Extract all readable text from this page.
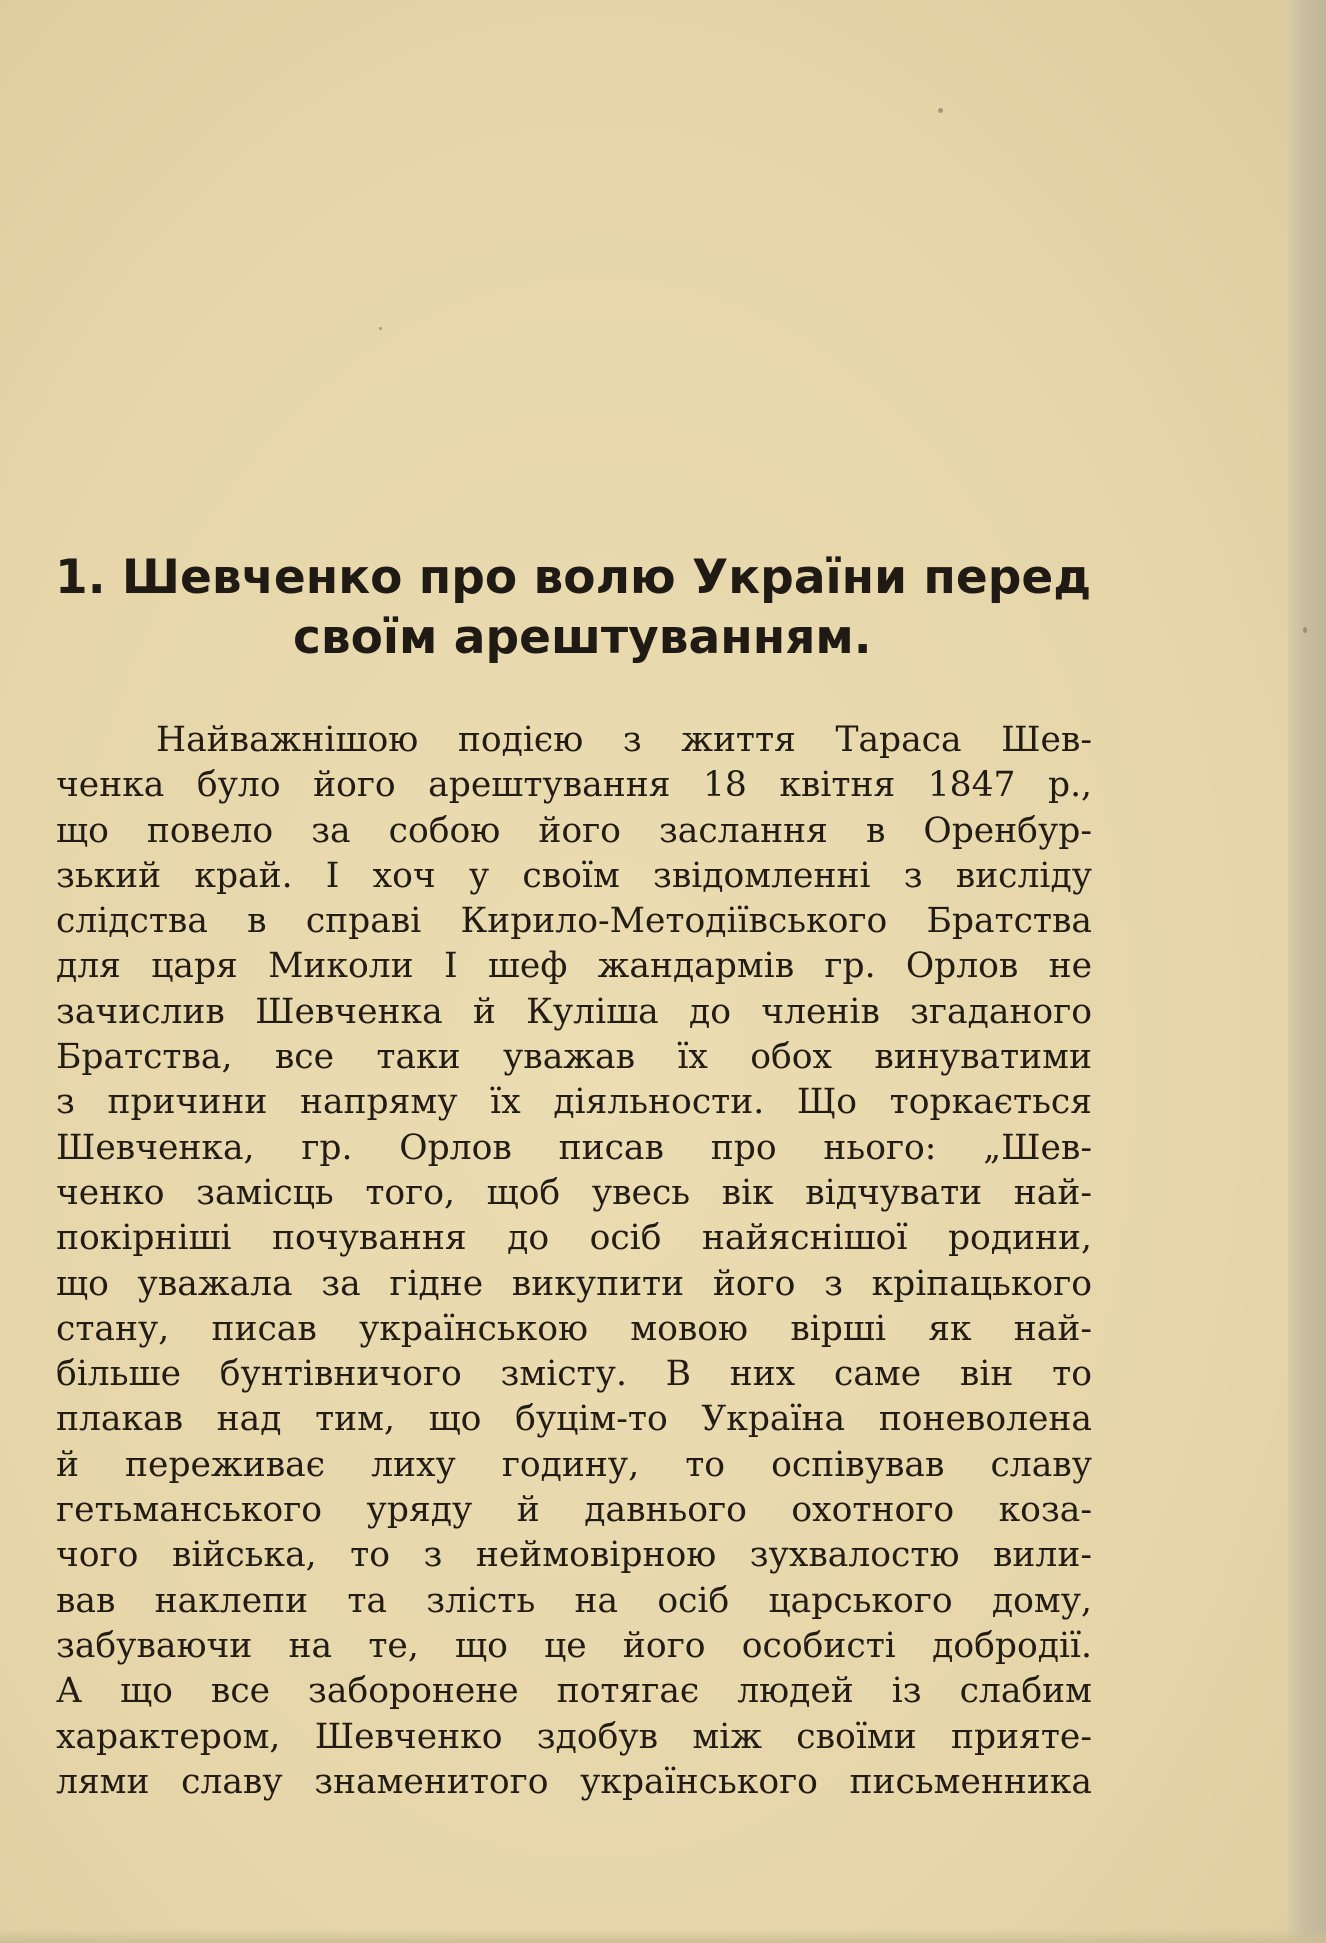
1. Шевченко про волю України перед
своїм арештуванням.
Найважнішою подією з життя Тараса Шев-
ченка було його арештування 18 квітня 1847 р.,
що повело за собою його заслання в Оренбур-
зький край. І хоч у своїм звідомленні з висліду
слідства в справі Кирило-Методіївського Братства
для царя Миколи І шеф жандармів гр. Орлов не
зачислив Шевченка й Куліша до членів згаданого
Братства, все таки уважав їх обох винуватими
з причини напряму їх діяльности. Що торкається
Шевченка, гр. Орлов писав про нього: „Шев-
ченко замісць того, щоб увесь вік відчувати най-
покірніші почування до осіб найяснішої родини,
що уважала за гідне викупити його з кріпацького
стану, писав українською мовою вірші як най-
більше бунтівничого змісту. В них саме він то
плакав над тим, що буцім-то Україна поневолена
й переживає лиху годину, то оспівував славу
гетьманського уряду й давнього охотного коза-
чого війська, то з неймовірною зухвалостю вили-
вав наклепи та злість на осіб царського дому,
забуваючи на те, що це його особисті добродії.
А що все заборонене потягає людей із слабим
характером, Шевченко здобув між своїми прияте-
лями славу знаменитого українського письменника
